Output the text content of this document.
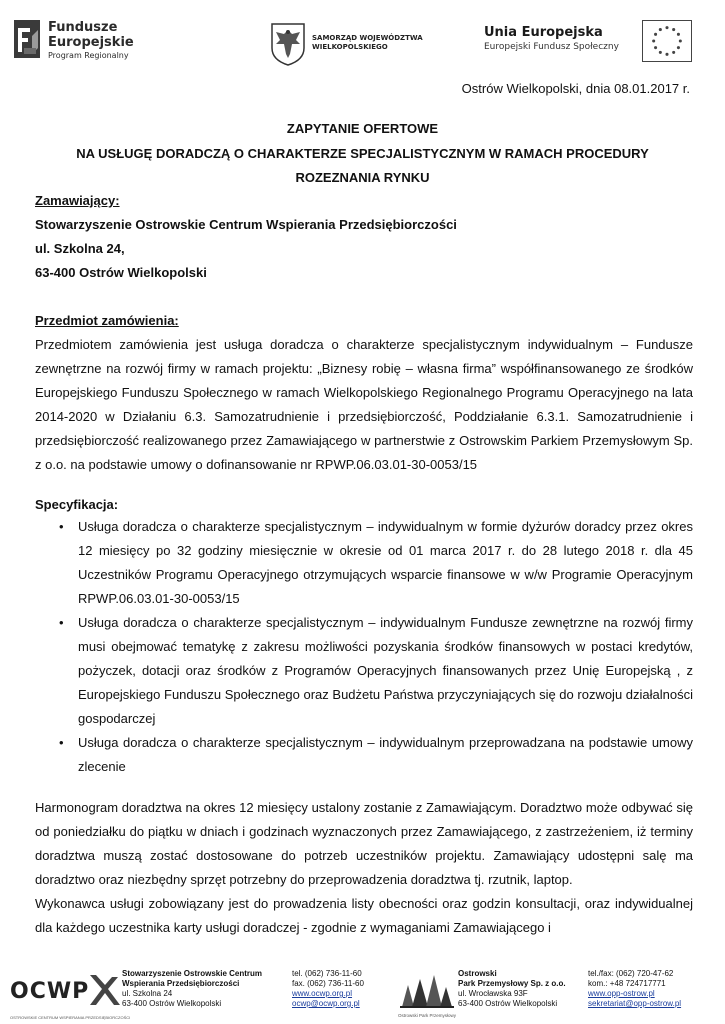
Fundusze
Europejskie
Program Regionalny
SAMORZĄD WOJEWÓDZTWA
WIELKOPOLSKIEGO
Unia Europejska
Europejski Fundusz Społeczny
Ostrów Wielkopolski, dnia 08.01.2017 r.
ZAPYTANIE OFERTOWE
NA USŁUGĘ DORADCZĄ O CHARAKTERZE SPECJALISTYCZNYM W RAMACH PROCEDURY
ROZEZNANIA RYNKU
Zamawiający:
Stowarzyszenie Ostrowskie Centrum Wspierania Przedsiębiorczości
ul. Szkolna 24,
63-400 Ostrów Wielkopolski
Przedmiot zamówienia:
Przedmiotem zamówienia jest usługa doradcza o charakterze specjalistycznym indywidualnym – Fundusze zewnętrzne na rozwój firmy w ramach projektu: „Biznesy robię – własna firma” współfinansowanego ze środków Europejskiego Funduszu Społecznego w ramach Wielkopolskiego Regionalnego Programu Operacyjnego na lata 2014-2020 w Działaniu 6.3. Samozatrudnienie i przedsiębiorczość, Poddziałanie 6.3.1. Samozatrudnienie i przedsiębiorczość realizowanego przez Zamawiającego w partnerstwie z Ostrowskim Parkiem Przemysłowym Sp. z o.o. na podstawie umowy o dofinansowanie nr RPWP.06.03.01-30-0053/15
Specyfikacja:
• Usługa doradcza o charakterze specjalistycznym – indywidualnym w formie dyżurów doradcy przez okres 12 miesięcy po 32 godziny miesięcznie w okresie od 01 marca 2017 r. do 28 lutego 2018 r. dla 45 Uczestników Programu Operacyjnego otrzymujących wsparcie finansowe w w/w Programie Operacyjnym RPWP.06.03.01-30-0053/15
• Usługa doradcza o charakterze specjalistycznym – indywidualnym Fundusze zewnętrzne na rozwój firmy musi obejmować tematykę z zakresu możliwości pozyskania środków finansowych w postaci kredytów, pożyczek, dotacji oraz środków z Programów Operacyjnych finansowanych przez Unię Europejską , z Europejskiego Funduszu Społecznego oraz Budżetu Państwa przyczyniających się do rozwoju działalności gospodarczej
• Usługa doradcza o charakterze specjalistycznym – indywidualnym przeprowadzana na podstawie umowy zlecenie
Harmonogram doradztwa na okres 12 miesięcy ustalony zostanie z Zamawiającym. Doradztwo może odbywać się od poniedziałku do piątku w dniach i godzinach wyznaczonych przez Zamawiającego, z zastrzeżeniem, iż terminy doradztwa muszą zostać dostosowane do potrzeb uczestników projektu. Zamawiający udostępni salę ma doradztwo oraz niezbędny sprzęt potrzebny do przeprowadzenia doradztwa tj. rzutnik, laptop.
Wykonawca usługi zobowiązany jest do prowadzenia listy obecności oraz godzin konsultacji, oraz indywidualnej dla każdego uczestnika karty usługi doradczej - zgodnie z wymaganiami Zamawiającego i
OCWP
OSTROWSKIE CENTRUM WSPIERANIA PRZEDSIĘBIORCZOŚCI
Stowarzyszenie Ostrowskie Centrum
Wspierania Przedsiębiorczości
ul. Szkolna 24
63-400 Ostrów Wielkopolski
tel. (062) 736-11-60
fax. (062) 736-11-60
www.ocwp.org.pl
ocwp@ocwp.org.pl
Ostrowski Park Przemysłowy
Ostrowski
Park Przemysłowy Sp. z o.o.
ul. Wrocławska 93F
63-400 Ostrów Wielkopolski
tel./fax: (062) 720-47-62
kom.: +48 724717771
www.opp-ostrow.pl
sekretariat@opp-ostrow.pl
